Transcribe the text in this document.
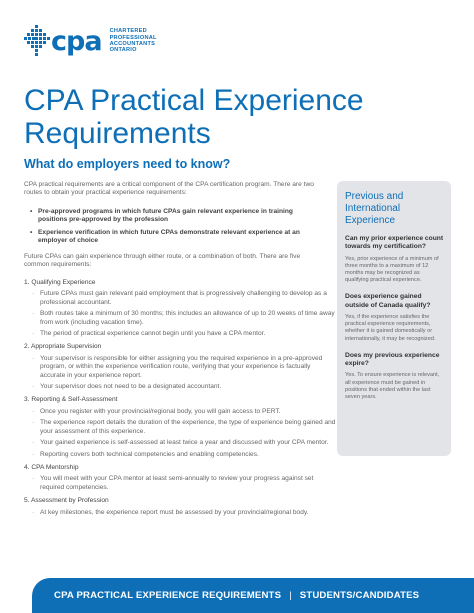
cpa CHARTERED
PROFESSIONAL
ACCOUNTANTS
ONTARIO
CPA Practical Experience Requirements
What do employers need to know?

CPA practical requirements are a critical component of the CPA certification program. There are two routes to obtain your practical experience requirements:

• Pre-approved programs in which future CPAs gain relevant experience in training positions pre-approved by the profession
• Experience verification in which future CPAs demonstrate relevant experience at an employer of choice

Future CPAs can gain experience through either route, or a combination of both. There are five common requirements:

1. Qualifying Experience
· Future CPAs must gain relevant paid employment that is progressively challenging to develop as a professional accountant.
· Both routes take a minimum of 30 months; this includes an allowance of up to 20 weeks of time away from work (including vacation time).
· The period of practical experience cannot begin until you have a CPA mentor.
2. Appropriate Supervision
· Your supervisor is responsible for either assigning you the required experience in a pre-approved program, or within the experience verification route, verifying that your experience is factually accurate in your experience report.
· Your supervisor does not need to be a designated accountant.
3. Reporting & Self-Assessment
· Once you register with your provincial/regional body, you will gain access to PERT.
· The experience report details the duration of the experience, the type of experience being gained and your assessment of this experience.
· Your gained experience is self-assessed at least twice a year and discussed with your CPA mentor.
· Reporting covers both technical competencies and enabling competencies.
4. CPA Mentorship
· You will meet with your CPA mentor at least semi-annually to review your progress against set required competencies.
5. Assessment by Profession
· At key milestones, the experience report must be assessed by your provincial/regional body.
Previous and International Experience
Can my prior experience count towards my certification?
Yes, prior experience of a minimum of three months to a maximum of 12 months may be recognized as qualifying practical experience.
Does experience gained outside of Canada qualify?
Yes, if the experience satisfies the practical experience requirements, whether it is gained domestically or internationally, it may be recognized.
Does my previous experience expire?
Yes. To ensure experience is relevant, all experience must be gained in positions that ended within the last seven years.
CPA PRACTICAL EXPERIENCE REQUIREMENTS | STUDENTS/CANDIDATES
